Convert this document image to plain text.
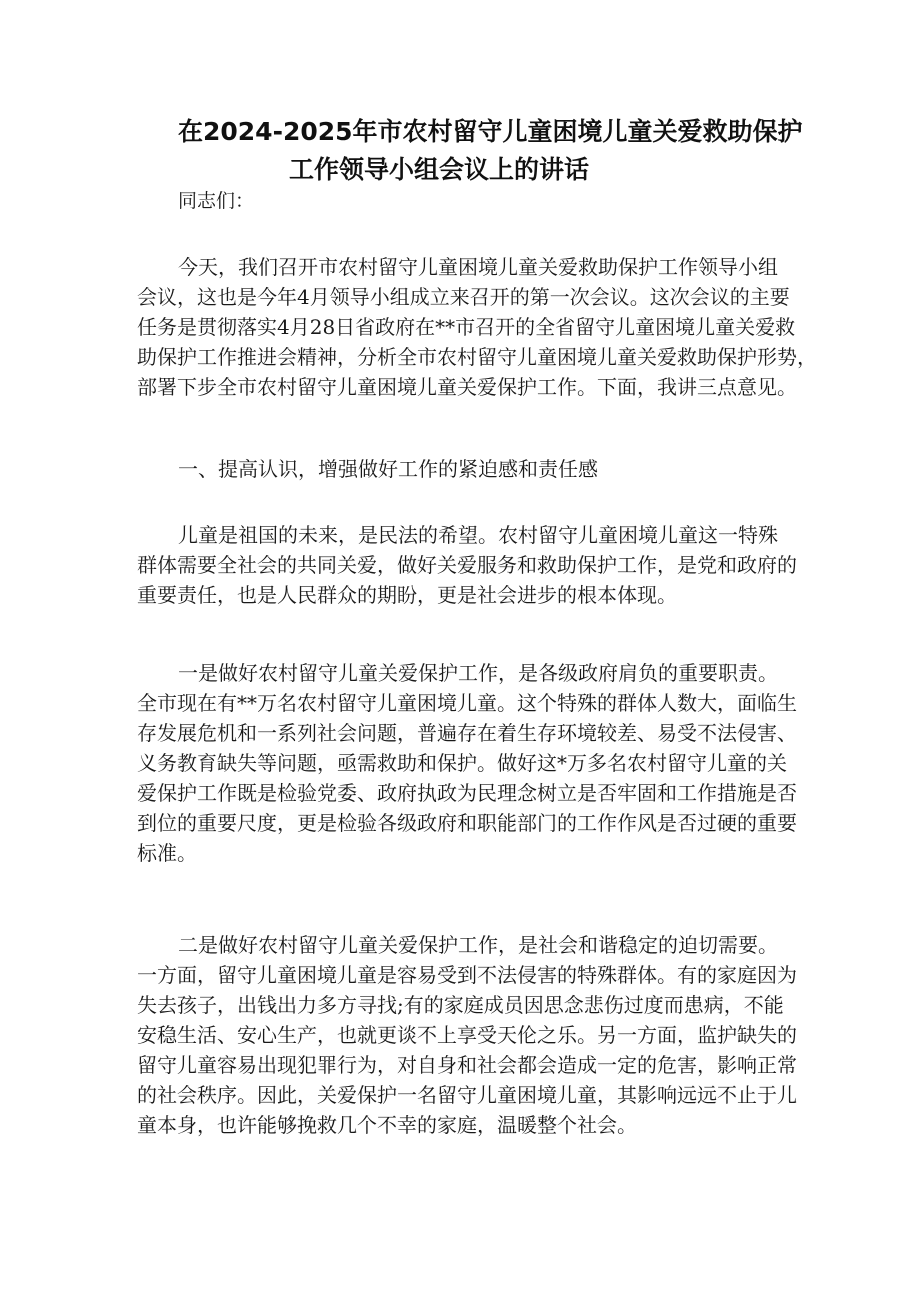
在2024-2025年市农村留守儿童困境儿童关爱救助保护
工作领导小组会议上的讲话
同志们：
今天，我们召开市农村留守儿童困境儿童关爱救助保护工作领导小组
会议，这也是今年4月领导小组成立来召开的第一次会议。这次会议的主要
任务是贯彻落实4月28日省政府在**市召开的全省留守儿童困境儿童关爱救
助保护工作推进会精神，分析全市农村留守儿童困境儿童关爱救助保护形势，
部署下步全市农村留守儿童困境儿童关爱保护工作。下面，我讲三点意见。
一、提高认识，增强做好工作的紧迫感和责任感
儿童是祖国的未来，是民法的希望。农村留守儿童困境儿童这一特殊
群体需要全社会的共同关爱，做好关爱服务和救助保护工作，是党和政府的
重要责任，也是人民群众的期盼，更是社会进步的根本体现。
一是做好农村留守儿童关爱保护工作，是各级政府肩负的重要职责。
全市现在有**万名农村留守儿童困境儿童。这个特殊的群体人数大，面临生
存发展危机和一系列社会问题，普遍存在着生存环境较差、易受不法侵害、
义务教育缺失等问题，亟需救助和保护。做好这*万多名农村留守儿童的关
爱保护工作既是检验党委、政府执政为民理念树立是否牢固和工作措施是否
到位的重要尺度，更是检验各级政府和职能部门的工作作风是否过硬的重要
标准。
二是做好农村留守儿童关爱保护工作，是社会和谐稳定的迫切需要。
一方面，留守儿童困境儿童是容易受到不法侵害的特殊群体。有的家庭因为
失去孩子，出钱出力多方寻找;有的家庭成员因思念悲伤过度而患病，不能
安稳生活、安心生产，也就更谈不上享受天伦之乐。另一方面，监护缺失的
留守儿童容易出现犯罪行为，对自身和社会都会造成一定的危害，影响正常
的社会秩序。因此，关爱保护一名留守儿童困境儿童，其影响远远不止于儿
童本身，也许能够挽救几个不幸的家庭，温暖整个社会。
